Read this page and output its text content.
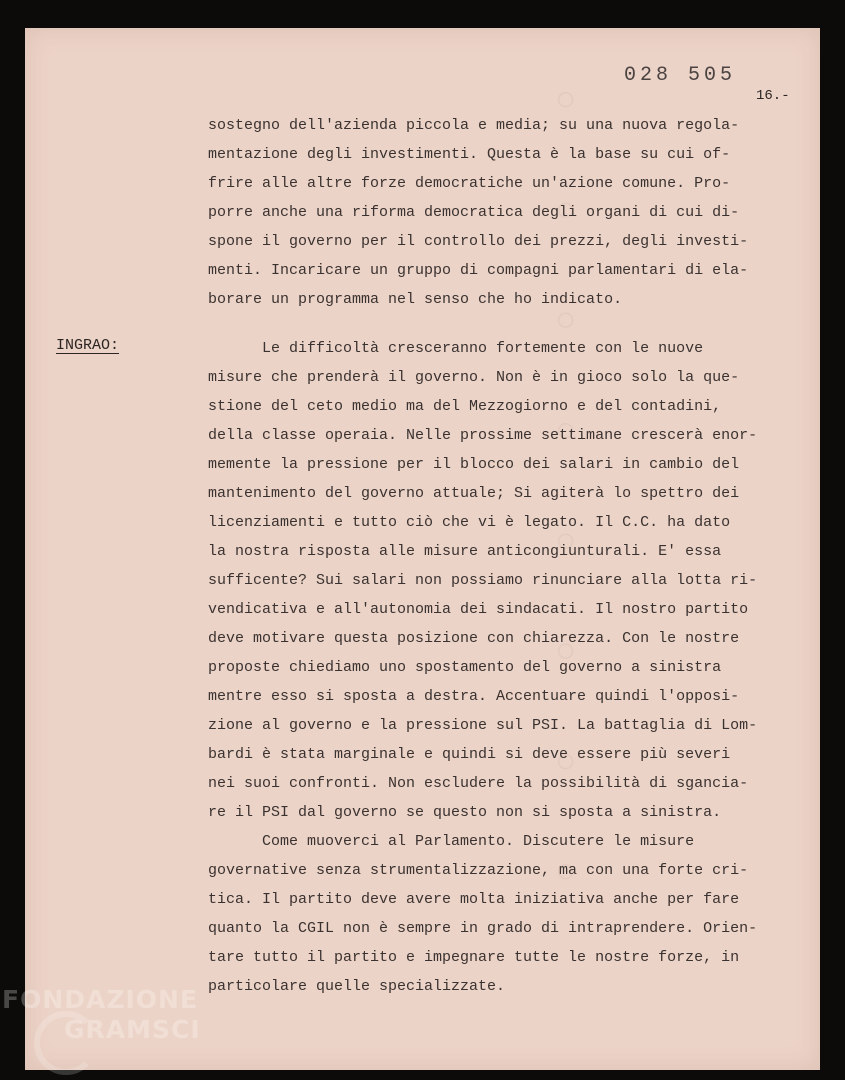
◦ ◦ ◦ ◦ ◦ ◦ ◦ ◦
028 505
16.-
INGRAO:
sostegno dell'azienda piccola e media; su una nuova regola-
mentazione degli investimenti. Questa è la base su cui of-
frire alle altre forze democratiche un'azione comune. Pro-
porre anche una riforma democratica degli organi di cui di-
spone il governo per il controllo dei prezzi, degli investi-
menti. Incaricare un gruppo di compagni parlamentari di ela-
borare un programma nel senso che ho indicato.
Le difficoltà cresceranno fortemente con le nuove
misure che prenderà il governo. Non è in gioco solo la que-
stione del ceto medio ma del Mezzogiorno e del contadini,
della classe operaia. Nelle prossime settimane crescerà enor-
memente la pressione per il blocco dei salari in cambio del
mantenimento del governo attuale; Si agiterà lo spettro dei
licenziamenti e tutto ciò che vi è legato. Il C.C. ha dato
la nostra risposta alle misure anticongiunturali. E' essa
sufficente? Sui salari non possiamo rinunciare alla lotta ri-
vendicativa e all'autonomia dei sindacati. Il nostro partito
deve motivare questa posizione con chiarezza. Con le nostre
proposte chiediamo uno spostamento del governo a sinistra
mentre esso si sposta a destra. Accentuare quindi l'opposi-
zione al governo e la pressione sul PSI. La battaglia di Lom-
bardi è stata marginale e quindi si deve essere più severi
nei suoi confronti. Non escludere la possibilità di sgancia-
re il PSI dal governo se questo non si sposta a sinistra.
Come muoverci al Parlamento. Discutere le misure
governative senza strumentalizzazione, ma con una forte cri-
tica. Il partito deve avere molta iniziativa anche per fare
quanto la CGIL non è sempre in grado di intraprendere. Orien-
tare tutto il partito e impegnare tutte le nostre forze, in
particolare quelle specializzate.
FONDAZIONE
GRAMSCI
